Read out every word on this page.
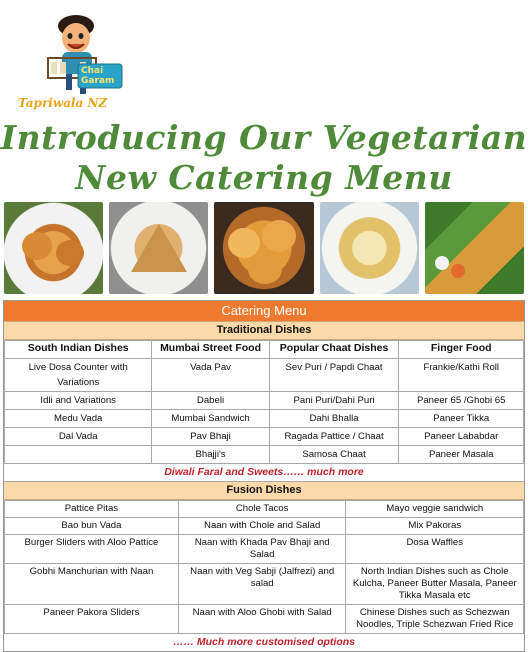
Chai
Garam
Tapriwala NZ
Introducing Our Vegetarian
New Catering Menu
Catering Menu
Traditional Dishes
South Indian Dishes	Mumbai Street Food	Popular Chaat Dishes	Finger Food
Live Dosa Counter with Variations	Vada Pav	Sev Puri / Papdi Chaat	Frankie/Kathi Roll
Idli and Variations	Dabeli	Pani Puri/Dahi Puri	Paneer 65 /Ghobi 65
Medu Vada	Mumbai Sandwich	Dahi Bhalla	Paneer Tikka
Dal Vada	Pav Bhaji	Ragada Pattice / Chaat	Paneer Lababdar
	Bhajji's	Samosa Chaat	Paneer Masala
Diwali Faral and Sweets…… much more
Fusion Dishes
Pattice Pitas	Chole Tacos	Mayo veggie sandwich
Bao bun Vada	Naan with Chole and Salad	Mix Pakoras
Burger Sliders with Aloo Pattice	Naan with Khada Pav Bhaji and Salad	Dosa Waffles
Gobhi Manchurian with Naan	Naan with Veg Sabji (Jalfrezi) and salad	North Indian Dishes such as Chole Kulcha, Paneer Butter Masala, Paneer Tikka Masala etc
Paneer Pakora Sliders	Naan with Aloo Ghobi with Salad	Chinese Dishes such as Schezwan Noodles, Triple Schezwan Fried Rice
…… Much more customised options
